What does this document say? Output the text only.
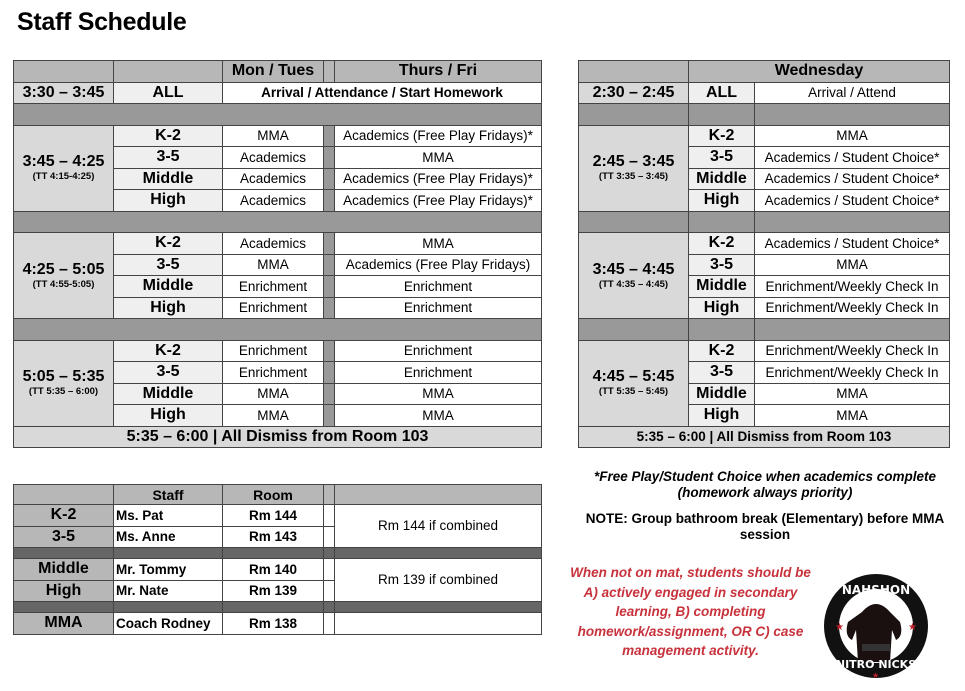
Staff Schedule
		Mon / Tues		Thurs / Fri
3:30 – 3:45	ALL	Arrival / Attendance / Start Homework		

3:45 – 4:25
(TT 4:15-4:25)	K-2	MMA		Academics (Free Play Fridays)*
	3-5	Academics		MMA
	Middle	Academics		Academics (Free Play Fridays)*
	High	Academics		Academics (Free Play Fridays)*

4:25 – 5:05
(TT 4:55-5:05)	K-2	Academics		MMA
	3-5	MMA		Academics (Free Play Fridays)
	Middle	Enrichment		Enrichment
	High	Enrichment		Enrichment

5:05 – 5:35
(TT 5:35 – 6:00)	K-2	Enrichment		Enrichment
	3-5	Enrichment		Enrichment
	Middle	MMA		MMA
	High	MMA		MMA
5:35 – 6:00 | All Dismiss from Room 103				
	Wednesday	
2:30 – 2:45	ALL	Arrival / Attend

2:45 – 3:45
(TT 3:35 – 3:45)	K-2	MMA
	3-5	Academics / Student Choice*
	Middle	Academics / Student Choice*
	High	Academics / Student Choice*

3:45 – 4:45
(TT 4:35 – 4:45)	K-2	Academics / Student Choice*
	3-5	MMA
	Middle	Enrichment/Weekly Check In
	High	Enrichment/Weekly Check In

4:45 – 5:45
(TT 5:35 – 5:45)	K-2	Enrichment/Weekly Check In
	3-5	Enrichment/Weekly Check In
	Middle	MMA
	High	MMA
5:35 – 6:00 | All Dismiss from Room 103		
	Staff	Room		
K-2	Ms. Pat	Rm 144		Rm 144 if combined
3-5	Ms. Anne	Rm 143		

Middle	Mr. Tommy	Rm 140		Rm 139 if combined
High	Mr. Nate	Rm 139		

MMA	Coach Rodney	Rm 138		
*Free Play/Student Choice when academics complete (homework always priority)
NOTE: Group bathroom break (Elementary) before MMA session
When not on mat, students should be A) actively engaged in secondary learning, B) completing homework/assignment, OR C) case management activity.
NAHSHON
NITRO NICKS
★	★
★
